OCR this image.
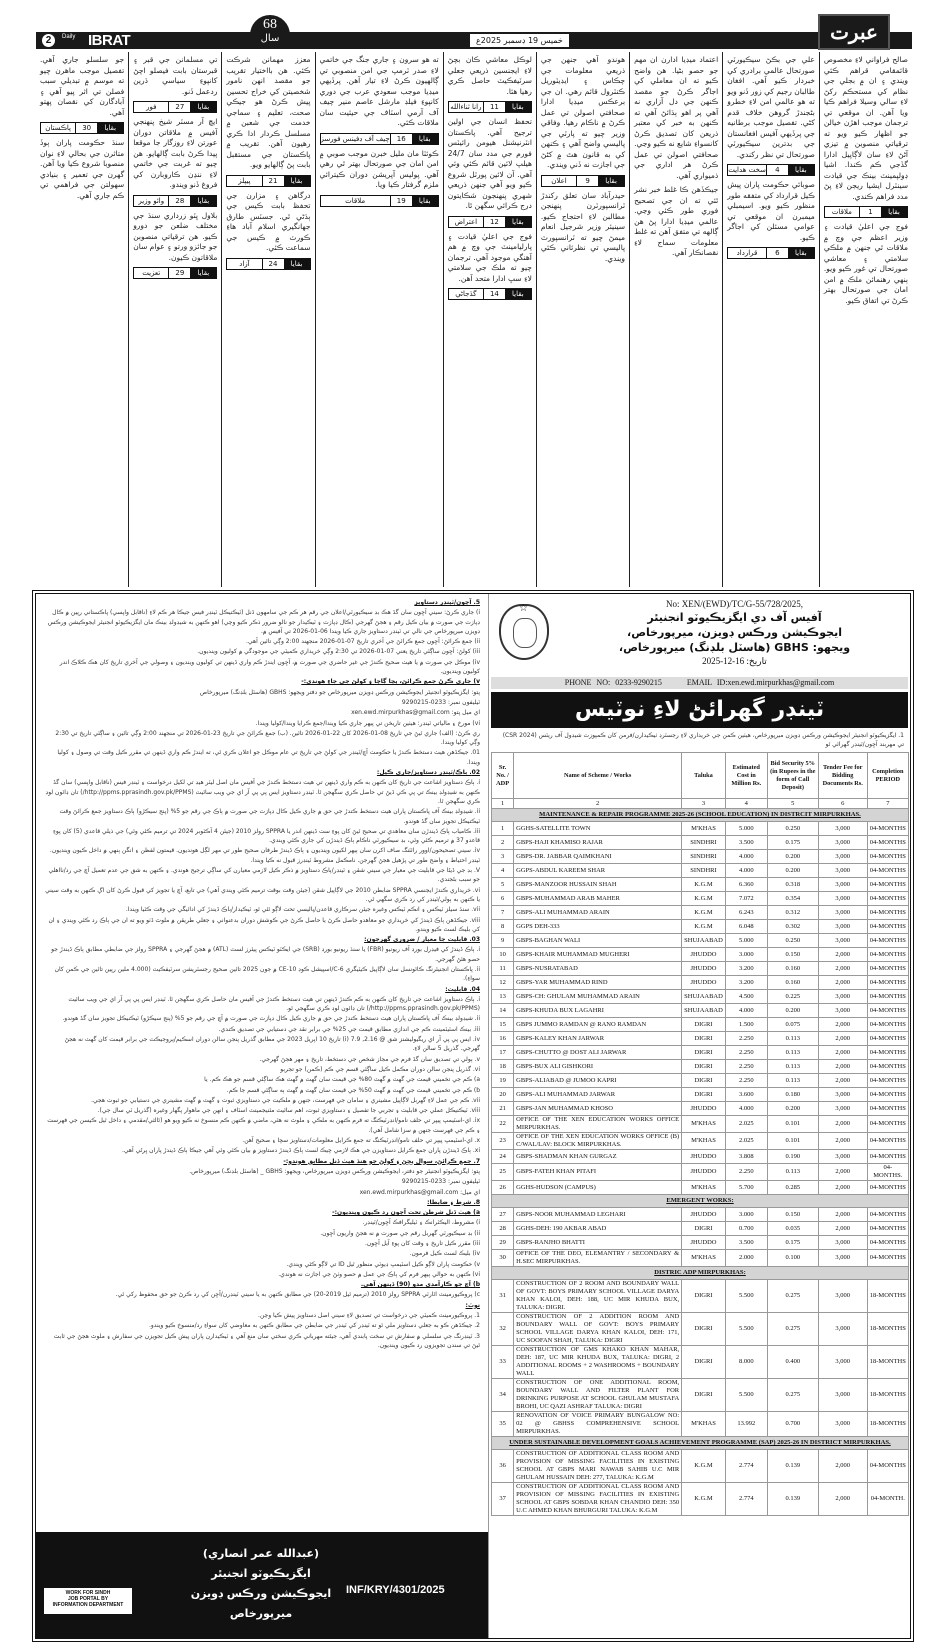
2	Daily IBRAT
68
سال	خميس 19 ڊسمبر 2025ع	عبرت

صالح فراواني لاءِ مخصوص قائمقامي قراهم ڪئي ويندي ۽ ان ۾ بجلي جي نظام کي مستحڪم رکڻ لاءِ سالي وسيلا فراهم ڪيا ويا آهن. ان موقعي تي ترجمان موجب اهڙن خيالن جو اظهار ڪيو ويو ته ترقياتي منصوبن ۾ تيزي آڻڻ لاءِ سان لاڳاپيل ادارا گڏجي ڪم ڪندا. اشيا ڊولپمينٽ بينڪ جي قيادت سينٽرل ايشيا ريجن لاءِ پڻ مدد فراهم ڪندي.

ملاقات	1	بقايا

فوج جي اعليٰ قيادت ۽ وزير اعظم جي وچ ۾ ملاقات ٿي جنهن ۾ ملڪي سلامتي ۽ معاشي صورتحال تي غور ڪيو ويو. ٻنهي رهنمائن ملڪ ۾ امن امان جي صورتحال بهتر ڪرڻ تي اتفاق ڪيو.

علي جي بڪڻ سيڪيورٽي صورتحال عالمي برادري کي خبردار ڪيو آهي. افغان طالبان رجيم کي زور ڏنو ويو ته هو عالمي امن لاءِ خطرو بڻجندڙ گروهن خلاف قدم کڻي. تفصيل موجب برطانيه جي پرڏيهي آفيس افغانستان جي بدترين سيڪيورٽي صورتحال تي نظر رکندي.

سخت هدايت	4	بقايا

صوبائي حڪومت پاران پيش ڪيل قرارداد کي متفقه طور منظور ڪيو ويو. اسيمبلي ميمبرن ان موقعي تي عوامي مسئلن کي اجاگر ڪيو.

قرارداد	6	بقايا

اعتماد ميڊيا ادارن ان مهم جو حصو بڻيا. هن واضح ڪيو ته ان معاملي کي اجاگر ڪرڻ جو مقصد ڪنهن جي دل آزاري نه آهي پر اهو ٻڌائڻ آهي ته ڪنهن به خبر کي معتبر ذريعن کان تصديق ڪرڻ کانسواءِ شايع نه ڪيو وڃي. صحافتي اصولن تي عمل ڪرڻ هر اداري جي ذميواري آهي.

جيڪڏهن ڪا غلط خبر نشر ٿئي ته ان جي تصحيح فوري طور ڪئي وڃي. عالمي ميڊيا ادارا پڻ هن ڳالهه تي متفق آهن ته غلط معلومات سماج لاءِ نقصانڪار آهي.

هوندو آهي جنهن جي ذريعي معلومات جي چڪاس ۽ ايڊيٽوريل ڪنٽرول قائم رهي. ان جي برعڪس ميڊيا ادارا صحافتي اصولن تي عمل ڪرڻ ۾ ناڪام رهيا. وفاقي وزير چيو ته پارٽي جي پاليسي واضح آهي ۽ ڪنهن کي به قانون هٿ ۾ کڻڻ جي اجازت نه ڏني ويندي.

اعلان	9	بقايا

حيدرآباد سان تعلق رکندڙ ٽرانسپورٽرن پنهنجن مطالبن لاءِ احتجاج ڪيو. سينيئر وزير شرجيل انعام ميمڻ چيو ته ٽرانسپورٽ پاليسي تي نظرثاني ڪئي ويندي.

لوڪل معاشي ڪان بچڻ لاءِ ايجنسين ذريعي جعلي سرٽيفڪيٽ حاصل ڪري رهيا هئا.

رانا ثناءالله	11	بقايا

تحفظ انسان جي اولين ترجيح آهي. پاڪستان انٽرنيشنل هيومن رائيٽس فورم جي مدد سان 24/7 هيلپ لائين قائم ڪئي وئي آهي. آن لائين پورٽل شروع ڪيو ويو آهي جنهن ذريعي شهري پنهنجون شڪايتون درج ڪرائي سگهن ٿا.

اعتراض	12	بقايا

فوج جي اعليٰ قيادت ۽ پارليامينٽ جي وچ ۾ هم آهنگي موجود آهي. ترجمان چيو ته ملڪ جي سلامتي لاءِ سڀ ادارا متحد آهن.

گڏجاڻي	14	بقايا

ته هو سرون ۽ جاري جنگ جي خاتمي لاءِ صدر ٽرمپ جي امن منصوبي تي ڳالهيون ڪرڻ لاءِ تيار آهن. پرڏيهي ميڊيا موجب سعودي عرب جي دوري کانپوءِ فيلڊ مارشل عاصم منير چيف آف آرمي اسٽاف جي حيثيت سان ملاقات ڪئي.

چيف آف ڊفينس فورسز	16	بقايا

ڪوئٽا مان مليل خبرن موجب صوبي ۾ امن امان جي صورتحال بهتر ٿي رهي آهي. پوليس آپريشن دوران ڪيترائي ملزم گرفتار ڪيا ويا.

ملاقات	19	بقايا

معزز مهمانن شرڪت ڪئي. هن بااختيار تقريب جو مقصد انهن نامور شخصيتن کي خراج تحسين پيش ڪرڻ هو جيڪي صحت، تعليم ۽ سماجي خدمت جي شعبن ۾ مسلسل ڪردار ادا ڪري رهيون آهن. تقريب ۾ پاڪستان جي مستقبل بابت پڻ ڳالهايو ويو.

پيپلز	21	بقايا

درگاهن ۽ مزارن جي تحفظ بابت ڪيس جي ٻڌڻي ٿي. جسٽس طارق جهانگيري اسلام آباد هاءِ ڪورٽ ۾ ڪيس جي سماعت ڪئي.

آزاد	24	بقايا

تي مسلمانن جي قبر ۽ قبرستان بابت فيصلو اچڻ کانپوءِ سياسي ڌرين ردعمل ڏنو.

فور	27	بقايا

ايڇ آر مسٽر شيخ پنهنجي آفيس ۾ ملاقاتن دوران عورتن لاءِ روزگار جا موقعا پيدا ڪرڻ بابت ڳالهايو. هن چيو ته غربت جي خاتمي لاءِ ننڍن ڪاروبارن کي فروغ ڏنو ويندو.

وائو وزير	28	بقايا

بلاول ڀٽو زرداري سنڌ جي مختلف ضلعن جو دورو ڪيو. هن ترقياتي منصوبن جو جائزو ورتو ۽ عوام سان ملاقاتون ڪيون.

تعزيت	29	بقايا

جو سلسلو جاري آهي. تفصيل موجب ماهرن چيو ته موسم ۾ تبديلي سبب فصلن تي اثر پيو آهي ۽ آبادگارن کي نقصان پهتو آهي.

پاڪستان	30	بقايا

سنڌ حڪومت پاران ٻوڏ متاثرن جي بحالي لاءِ نوان منصوبا شروع ڪيا ويا آهن. گهرن جي تعمير ۽ بنيادي سهولتن جي فراهمي تي ڪم جاري آهي.

5. آڇون/ٽينڊر دستاويز

i) جاري ڪرڻ: سيني آڇون سان گڏ هڪ بڊ سيڪيورٽي/اعلان جي رقم هر ڪم جي سامهون ڏنل (ٽيڪنيڪل ٽينڊر فيس جيڪا هر ڪم لاءِ (ناقابل واپسي) پاڪستاني رپين ۾ ڪال ڊپازٽ جي صورت ۾ بيان ڪيل رقم ۽ هجڻ گهرجي (ڪال ڊپازٽ ۽ ٽيڪيدار جو نالو ضرور ذڪر ڪيو وڃي) اهو ڪنهن به شيڊولڊ بينڪ مان ايگزيڪيوٽو انجنيئر ايجوڪيشن ورڪس ڊويزن ميرپورخاص جي نالي تي ٽينڊر دستاويز جاري ڪيا ويندا 06-01-2026 تي آفيس ۾.

ii) جمع ڪرائڻ: آڇون جمع ڪرائڻ جي آخري تاريخ 07-01-2026 منجهند 2:00 وڳي تائين آهي.

iii) کولڻ: آڇون ساڳئي تاريخ يعني 07-01-2026 تي 2:30 وڳي خريداري ڪميٽي جي موجودگي ۾ کوليون وينديون.

iv) موڪل جي صورت ۾ يا هيٺ صحيح ڪندڙ جي غير حاضري جي صورت ۾، آڇون ايندڙ ڪم واري ڏينهن تي کوليون وينديون ۽ وصولي جي آخري تاريخ کان هڪ ڪلاڪ اندر کوليون وينديون.

v) جاري ڪرڻ جمع ڪرائڻ، پڇا ڳاڇا ۽ کولڻ جي جاءِ هوندي:-

پتو: ايگزيڪيوٽو انجنيئر ايجوڪيشن ورڪس ڊويزن ميرپورخاص جو دفتر ويجهو: GBHS (هاسٽل بلڊنگ) ميرپورخاص

ٽيليفون نمبر: 0233-9290215

اي ميل پتو: xen.ewd.mirpurkhas@gmail.com

vi) مورخ ۽ مالياتي ٽينڊر: هيٺين تاريخن تي پيهر جاري ڪيا ويندا/جمع ڪرايا ويندا/کوليا ويندا.

ري ڪرڻ: (الف) جاري ٿيڻ جي تاريخ 08-01-2026 کان 22-01-2026 تائين. (ب) جمع ڪرائڻ جي تاريخ 23-01-2026 تي منجهند 2:00 وڳي تائين ۽ ساڳئي تاريخ تي 2:30 وڳي کوليا ويندا.

01. جيڪڏهن هيٺ دستخط ڪندڙ يا حڪومت آڇ/ٽينڊر جي کولڻ جي تاريخ تي عام موڪل جو اعلان ڪري ٿي، ته ايندڙ ڪم واري ڏينهن تي مقرر ڪيل وقت تي وصول ۽ کوليا ويندا.

02. ٻاڪ/ٽينڊر دستاويز/جاري ڪيل:

i. ٻاڪ دستاويز اشاعت جي تاريخ کان ڪنهن به ڪم واري ڏينهن تي هيٺ دستخط ڪندڙ جي آفيس مان اصل ليٽر هيڊ تي لکيل درخواست ۽ ٽينڊر فيس (ناقابل واپسي) سان گڏ ڪنهن به شيڊولڊ بينڪ تي پي ڪي ڏيڻ تي حاصل ڪري سگهجن ٿا. ٽينڊر دستاويز ايس پي پي آر اي جي ويب سائيٽ (http://ppms.pprasindh.gov.pk/PPMS/) تان ڊائون لوڊ ڪري سگهجن ٿا.

ii. شيڊولڊ بينڪ آف پاڪستان پاران هيٺ دستخط ڪندڙ جي حق ۾ جاري ڪيل ڪال ڊپازٽ جي صورت ۾ ٻاڪ جي رقم جو 5% (پنج سيڪڙو) ٻاڪ دستاويز جمع ڪرائڻ وقت ٽيڪنيڪل تجويز سان گڏ هوندو.

iii. ڪامياب ٻاڪ ڏيندڙن سان معاهدي تي صحيح ٿيڻ کان پوءِ ست ڏينهن اندر يا SPPRA رولز 2010 (جيئن 4 آڪٽوبر 2024 تي ترميم ڪئي وئي) جي ذيلي قاعدي (5) کان پوءِ قاعدو 37 ۾ ترميم ڪئي وئي، بڊ سيڪيورٽي ناڪام ٻاڪ ڏيندڙن کي جاري ڪئي ويندي.

iv. سيني تصحيحون/اوور رائٽنگ صاف اکرن سان ٻيهر لکيون وينديون ۽ ٻاڪ ڏيندڙ طرفان صحيح طور تي مهر لڳل هونديون. قيمتون لفظن ۽ انگن ٻنهي ۾ داخل ڪيون وينديون. ٽينڊر احتياط ۽ واضح طور تي پڙهيل هجڻ گهرجن. نامڪمل مشروط ٽينڊرز قبول نه ڪيا ويندا.

V. بڊ جي ڏيڻا جي قابليت جي معيار جي سيني شقن ۽ ٽينڊر/ٻاڪ دستاويز ۾ ذڪر ڪيل لازمي معيارن کي ساڳي ترجيح هوندي. ۽ ڪنهن به شق جي عدم تعميل آڇ جي رد/نااهلي جو سبب بڻجندي.

vi. خريداري ڪندڙ ايجنسي SPPRA ضابطن 2010 جي لاڳاپيل شقن (جيئن وقت بوقت ترميم ڪئي ويندي آهي) جي تابع، آڇ يا تجويز کي قبول ڪرڻ کان اڳ ڪنهن به وقت سيني يا ڪنهن به ٻولي/ٽينڊر کي رد ڪري سگهي ٿي.

vii. سنڌ سيلز ٽيڪس ۽ انڪم ٽيڪس وغيره جيئن سرڪاري قاعدن/پاليسي تحت لاڳو ٿئي ٿو، ٽيڪيدار/ٻاڪ ڏيندڙ کي ادائيگي جي وقت ڪٽيا ويندا.

viii. جيڪڏهن ٻاڪ ڏيندڙ کي خريداري جو معاهدو حاصل ڪرڻ يا حاصل ڪرڻ جي ڪوشش دوران بدعنواني ۽ جعلي طريقن ۾ ملوث ڏٺو ويو ته ان جي ٻاڪ رد ڪئي ويندي ۽ ان کي بليڪ لسٽ ڪيو ويندو.

03. قابليت جا معيار / ضروري گهرجون:

i. ٻاڪ ڏيندڙ کي فيڊرل بورڊ آف ريونيو (FBR) يا سنڌ ريونيو بورڊ (SRB) جي ايڪٽو ٽيڪس پيئرز لسٽ (ATL) ۾ هجڻ گهرجي ۽ SPPRA رولز جي ضابطي مطابق ٻاڪ ڏيندڙ جو حصو هئڻ گهرجي.

ii. پاڪستان انجنيئرنگ ڪائونسل سان لاڳاپيل ڪيٽيگري C-6/اسپيشل ڪوڊ CE-10 ۾ جون 2025 تائين صحيح رجسٽريشن سرٽيفڪيٽ (4.000 ملين رپين تائين جي ڪمن کان سواءِ).

04. قابليت:

i. ٻاڪ دستاويز اشاعت جي تاريخ کان ڪنهن به ڪم ڪندڙ ڏينهن تي هيٺ دستخط ڪندڙ جي آفيس مان حاصل ڪري سگهجن ٿا. ٽينڊر ايس پي پي آر اي جي ويب سائيٽ (http://ppms.pprasindh.gov.pk/PPMS/) تان ڊائون لوڊ ڪري سگهجي ٿو.

ii. شيڊولڊ بينڪ آف پاڪستان پاران هيٺ دستخط ڪندڙ جي حق ۾ جاري ڪيل ڪال ڊپازٽ جي صورت ۾ آڇ جي رقم جو 5% (پنج سيڪڙو) ٽيڪنيڪل تجويز سان گڏ هوندو.

iii. بينڪ اسٽيٽمينٽ ڪم جي اندازي مطابق قيمت جي 25% جي برابر نقد جي دستيابي جي تصديق ڪندي.

iv. ايس پي پي آر اي ريگيوليشنز شق @ 2.16, 7.9 (i) تاريخ 10 اپريل 2023 جي مطابق گذريل پنجن سالن دوران اسڪيم/پروجيڪٽ جي برابر قيمت کان گهٽ نه هجڻ گهرجي. گذريل 5 سالن لاءِ.

v. ٻولي تي تصديق سان گڏ فرم جي مجاز شخص جي دستخط، تاريخ ۽ مهر هجڻ گهرجي.

vi. گذريل پنجن سالن دوران مڪمل ڪيل ساڳئي قسم جي ڪم (ڪمن) جو تجربو

a) ڪم جي تخميني قيمت جي گهٽ ۾ گهٽ 80% جي قيمت سان گهٽ ۾ گهٽ هڪ ساڳئي قسم جو هڪ ڪم. يا

b) ڪم جي تخميني قيمت جي گهٽ ۾ گهٽ 50% جي قيمت سان گهٽ ۾ گهٽ ٻه ساڳئي قسم جا ڪم.

vii. ڪم جي عمل لاءِ گهربل لاڳاپيل مشينري ۽ سامان جي فهرست، جنهن ۾ ملڪيت جي دستاويزي ثبوت ۽ گهٽ ۾ گهٽ مشينري جي دستيابي جو ثبوت هجي.

viii. ٽيڪنيڪل عملي جي قابليت ۽ تجربي جا تفصيل ۽ دستاويزي ثبوت، اهم سائيٽ مئنيجمينٽ اسٽاف ۽ انهن جي ماهوار پگهار وغيره (گذريل ٽي سال جي).

ix. اي-اسٽيمپ پيپر تي حلف نامو/انڊرٽيڪنگ ته فرم ڪنهن به ملڪي ۽ ملوث نه هئي، ماضي ۾ ڪنهن ڪم منسوخ نه ڪيو ويو هو (ٿالثي/مقدمي ۽ داخل ٿيل ڪيسن جي فهرست ۽ ڪم جي فهرست جنهن ۾ سزا شامل آهي).

x. اي-اسٽيمپ پيپر تي حلف نامو/انڊرٽيڪنگ ته جمع ڪرايل معلومات/دستاويز سچا ۽ صحيح آهن.

xi. ٻاڪ ڏيندڙن پاران جمع ڪرايل دستاويزن جي هڪ لازمي چيڪ لسٽ ٻاڪ ڏيندڙ دستاويز ۾ بيان ڪئي وئي آهي جيڪا ٻاڪ ڏيندڙ پاران ڀرڻي آهي.

7. جمع ڪرائڻ، سوال پڇڻ ۽ کولڻ جو هنڌ هيٺ ڏنل مطابق هوندو:-

پتو: ايگزيڪيوٽو انجنيئر جو دفتر، ايجوڪيشن ورڪس ڊويزن ميرپورخاص، ويجهو: GBHS _ (هاسٽل بلڊنگ) ميرپورخاص.

ٽيليفون نمبر: 0233-9290215

اي ميل: xen.ewd.mirpurkhas@gmail.com

8. شرط ۽ ضابطا:

a) هيٺ ڏنل شرطن تحت آڇون رد ڪيون وينديون:-

i) مشروط، اليڪٽرانڪ ۽ ٽيليگرافڪ آڇون/ٽينڊر.

ii) بڊ سيڪيورٽي گهربل رقم جي صورت ۾ نه هجڻ واريون آڇون.

iii) مقرر ڪيل تاريخ ۽ وقت کان پوءِ آيل آڇون.

iv) بليڪ لسٽ ڪيل فرمون.

v) حڪومت پاران لاڳو ڪيل اسٽيمپ ڊيوٽي منظور ٿيل ID تي لاڳو ڪئي ويندي.

vi) ڪنهن به حوالي ٻيهر فرم کي ٻاڪ جي عمل ۾ حصو وٺڻ جي اجازت نه هوندي.

b) آڇ جو ڪارآمدي مدو (90) ڏينهن آهي.

c) پروڪيورمينٽ اٿارٽي SPPRA رولز 2010 (ترميم ٿيل 2019-20) جي مطابق ڪنهن به يا سيني ٽينڊرن/آڇن کي رد ڪرڻ جو حق محفوظ رکي ٿي.

نوٽ:

1. پروڪيورمينٽ ڪميٽي جي درخواست تي تصديق لاءِ سيني اصل دستاويز پيش ڪيا وڃن.

2. جيڪڏهن ڪو به جعلي دستاويز ملي ٿو ته ٽينڊر کي ٽينڊر جي ضابطن جي مطابق ڪنهن به معاوضي کان سواءِ رد/منسوخ ڪيو ويندو.

3. ٽينڊرنگ جي سلسلي ۾ سفارش تي سخت پابندي آهي، جيئته مهرباني ڪري سختي سان منع آهي ۽ ٽيڪيدارن پاران پيش ڪيل تجويزن جي سفارش ۽ ملوث هجڻ جي ثابت ٿيڻ تي سندن تجويزون رد ڪيون وينديون.

(عبدالله عمر انصاري)
ايگزيڪيوٽو انجنيئر
ايجوڪيشن ورڪس ڊويزن
ميرپورخاص
INF/KRY/4301/2025
WORK FOR SINDH
JOB PORTAL BY
INFORMATION DEPARTMENT
☆	No: XEN/(EWD)/TC/G-55/728/2025,
آفيس آف دي ايگزيڪيوٽو انجنيئر
ايجوڪيشن ورڪس ڊويزن، ميرپورخاص،
ويجهو: GBHS (هاسٽل بلڊنگ) ميرپورخاص،
تاريخ: 16-12-2025
PHONE NO: 0233-9290215	EMAIL ID:xen.ewd.mirpurkhas@gmail.com
ٽينڊر گهرائڻ لاءِ نوٽيس
1. ايگزيڪيوٽو انجنيئر ايجوڪيشن ورڪس ڊويزن ميرپورخاص، هيٺين ڪمن جي خريداري لاءِ رجسٽرڊ ٺيڪيدارن/فرمن کان ڪمپوزٽ شيڊول آف ريٽس (CSR 2024) تي مهربند آڇون/ٽينڊر گهرائي ٿو
Sr. No. / ADP	Name of Scheme / Works	Taluka	Estimated Cost in Million Rs.	Bid Security 5% (in Rupees in the form of Call Deposit)	Tender Fee for Bidding Documents Rs.	Completion PERIOD
1	2	3	4	5	6	7
MAINTENANCE & REPAIR PROGRAMME 2025-26 (SCHOOL EDUCATION) IN DISTRCIT MIRPURKHAS.						
1	GGHS-SATELLITE TOWN	M'KHAS	5.000	0.250	3,000	04-MONTHS
2	GBPS-HAJI KHAMISO RAJAR	SINDHRI	3.500	0.175	3,000	04-MONTHS
3	GBPS-DR. JABBAR QAIMKHANI	SINDHRI	4.000	0.200	3,000	04-MONTHS
4	GGPS-ABDUL KAREEM SHAR	SINDHRI	4.000	0.200	3,000	04-MONTHS
5	GBPS-MANZOOR HUSSAIN SHAH	K.G.M	6.360	0.318	3,000	04-MONTHS
6	GBPS-MUHAMMAD ARAB MAHER	K.G.M	7.072	0.354	3,000	04-MONTHS
7	GBPS-ALI MUHAMMAD ARAIN	K.G.M	6.243	0.312	3,000	04-MONTHS
8	GGPS DEH-333	K.G.M	6.048	0.302	3,000	04-MONTHS
9	GBPS-BAGHAN WALI	SHUJAABAD	5.000	0.250	3,000	04-MONTHS
10	GBPS-KHAIR MUHAMMAD MUGHERI	JHUDDO	3.000	0.150	2,000	04-MONTHS
11	GBPS-NUSRATABAD	JHUDDO	3.200	0.160	2,000	04-MONTHS
12	GBPS-YAR MUHAMMAD RIND	JHUDDO	3.200	0.160	2,000	04-MONTHS
13	GBPS-CH: GHULAM MUHAMMAD ARAIN	SHUJAABAD	4.500	0.225	3,000	04-MONTHS
14	GBPS-KHUDA BUX LAGAHRI	SHUJAABAD	4.000	0.200	3,000	04-MONTHS
15	GBPS JUMMO RAMDAN @ RANO RAMDAN	DIGRI	1.500	0.075	2,000	04-MONTHS
16	GBPS-KALEY KHAN JARWAR	DIGRI	2.250	0.113	2,000	04-MONTHS
17	GBPS-CHUTTO @ DOST ALI JARWAR	DIGRI	2.250	0.113	2,000	04-MONTHS
18	GBPS-BUX ALI GISHKORI	DIGRI	2.250	0.113	2,000	04-MONTHS
19	GBPS-ALIABAD @ JUMOO KAPRI	DIGRI	2.250	0.113	2,000	04-MONTHS
20	GBPS-ALI MUHAMMAD JARWAR	DIGRI	3.600	0.180	3,000	04-MONTHS
21	GBPS-JAN MUHAMMAD KHOSO	JHUDDO	4.000	0.200	3,000	04-MONTHS
22	OFFICE OF THE XEN EDUCATION WORKS OFFICE MIRPURKHAS.	M'KHAS	2.025	0.101	2,000	04-MONTHS
23	OFFICE OF THE XEN EDUCATION WORKS OFFICE (B) C/WAL/LAV: BLOCK MIRPURKHAS.	M'KHAS	2.025	0.101	2,000	04-MONTHS
24	GBPS-SHADMAN KHAN GURGAZ	JHUDDO	3.808	0.190	3,000	04-MONTHS
25	GBPS-FATEH KHAN PITAFI	JHUDDO	2.250	0.113	2,000	04-MONTHS.
26	GGHS-HUDSON (CAMPUS)	M'KHAS	5.700	0.285	2,000	04-MONTHS
EMERGENT WORKS:						
27	GBPS-NOOR MUHAMMAD LEGHARI	JHUDDO	3.000	0.150	2,000	04-MONTHS
28	GGHS-DEH: 190 AKBAR ABAD	DIGRI	0.700	0.035	2,000	04-MONTHS
29	GBPS-RANJHO BHATTI	JHUDDO	3.500	0.175	3,000	04-MONTHS
30	OFFICE OF THE DEO, ELEMANTRY / SECONDARY & H.SEC MIRPURKHAS.	M'KHAS	2.000	0.100	3,000	04-MONTHS
DISTRIC ADP MIRPURKHAS:						
31	CONSTRUCTION OF 2 ROOM AND BOUNDARY WALL OF GOVT: BOYS PRIMARY SCHOOL VILLAGE DARYA KHAN KALOI, DEH: 188, UC MIR KHUDA BUX, TALUKA: DIGRI.	DIGRI	5.500	0.275	3,000	18-MONTHS
32	CONSTRUCTION OF 2 ADDITION ROOM AND BOUNDARY WALL OF GOVT: BOYS PRIMARY SCHOOL VILLAGE DARYA KHAN KALOI, DEH: 171, UC SOOFAN SHAH, TALUKA: DIGRI	DIGRI	5.500	0.275	3,000	18-MONTHS
33	CONSTRUCTION OF GMS KHAKO KHAN MAHAR, DEH: 187, UC MIR KHUDA BUX, TALUKA: DIGRI, 2 ADDITIONAL ROOMS + 2 WASHROOMS + BOUNDARY WALL	DIGRI	8.000	0.400	3,000	18-MONTHS
34	CONSTRUCTION OF ONE ADDITIONAL ROOM, BOUNDARY WALL AND FILTER PLANT FOR DRINKING PURPOSE AT SCHOOL GHULAM MUSTAFA BROHI, UC QAZI ASHRAF TALUKA: DIGRI	DIGRI	5.500	0.275	3,000	18-MONTHS
35	RENOVATION OF VOICE PRIMARY BUNGALOW NO: 02 @ GBHSS COMPREHENSIVE SCHOOL MIRPURKHAS.	M'KHAS	13.992	0.700	3,000	18-MONTHS
UNDER SUSTAINABLE DEVELOPMENT GOALS ACHIEVEMENT PROGRAMME (SAP) 2025-26 IN DISTRICT MIRPURKHAS.						
36	CONSTRUCTION OF ADDITIONAL CLASS ROOM AND PROVISION OF MISSING FACILITIES IN EXISTING SCHOOL AT GBPS MARI NAWAB SAHIB U.C MIR GHULAM HUSSAIN DEH: 277, TALUKA: K.G.M	K.G.M	2.774	0.139	2,000	04-MONTHS
37	CONSTRUCTION OF ADDITIONAL CLASS ROOM AND PROVISION OF MISSING FACILITIES IN EXISTING SCHOOL AT GBPS SOBDAR KHAN CHANDIO DEH: 350 U.C AHMED KHAN BHURGURI TALUKA: K.G.M	K.G.M	2.774	0.139	2,000	04-MONTH.
